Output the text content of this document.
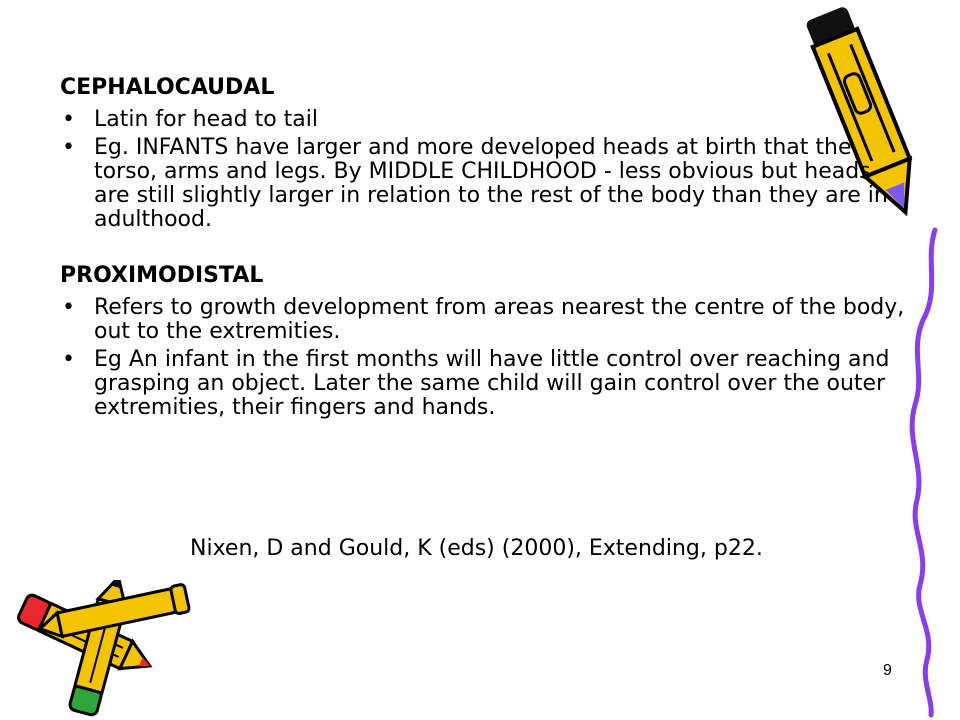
CEPHALOCAUDAL
• Latin for head to tail
• Eg. INFANTS have larger and more developed heads at birth that the torso, arms and legs. By MIDDLE CHILDHOOD - less obvious but heads are still slightly larger in relation to the rest of the body than they are in adulthood.
PROXIMODISTAL
• Refers to growth development from areas nearest the centre of the body, out to the extremities.
• Eg An infant in the first months will have little control over reaching and grasping an object. Later the same child will gain control over the outer extremities, their fingers and hands.
Nixen, D and Gould, K (eds) (2000), Extending, p22.
9
